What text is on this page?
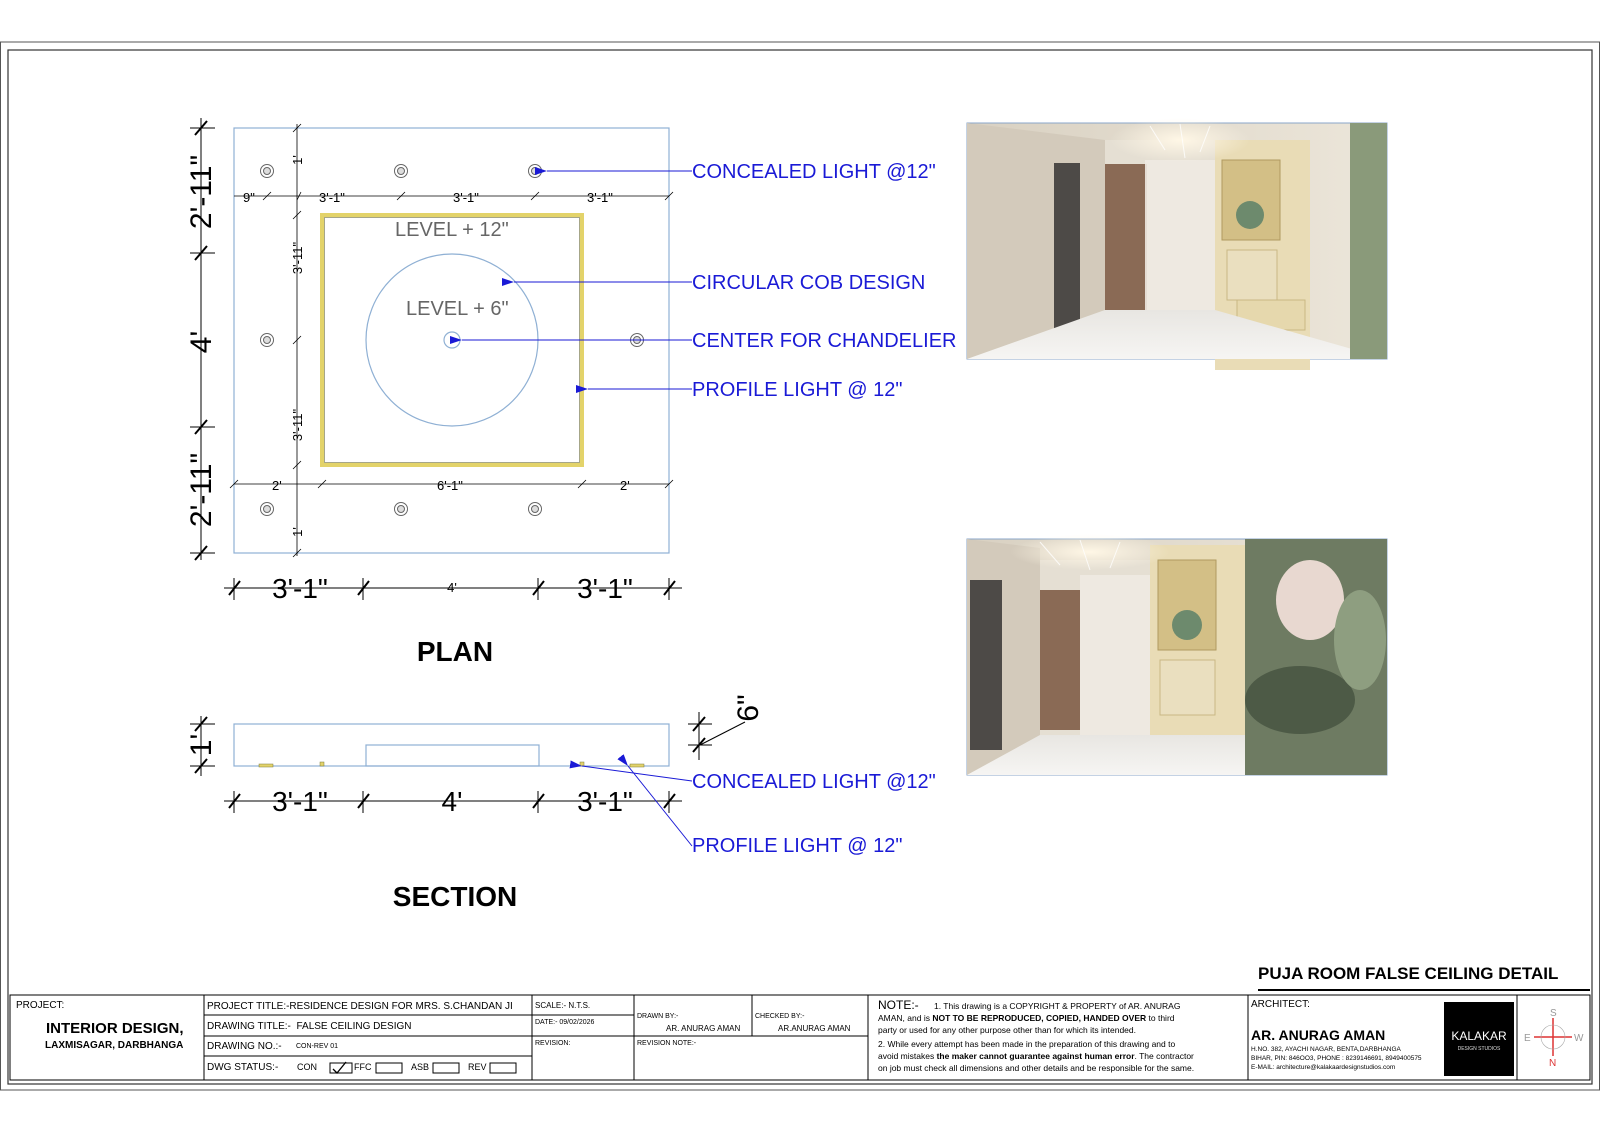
LEVEL + 12"
LEVEL + 6"
9"	3'-1"	3'-1"	3'-1"
2'	6'-1"	2'
1'
3'-11"
3'-11"
1'
2'-11"
4'
2'-11"
3'-1"	4'	3'-1"
PLAN
CONCEALED LIGHT @12"
CIRCULAR COB DESIGN
CENTER FOR CHANDELIER
PROFILE LIGHT @ 12"
1'
6"
3'-1"	4'	3'-1"
CONCEALED LIGHT @12"
PROFILE LIGHT @ 12"
SECTION
KALAKAR
DESIGN STUDIOS
S
E	W
N
PUJA ROOM FALSE CEILING DETAIL
PROJECT:
INTERIOR DESIGN,
LAXMISAGAR, DARBHANGA
PROJECT TITLE:-RESIDENCE DESIGN FOR MRS. S.CHANDAN JI
DRAWING TITLE:- FALSE CEILING DESIGN
DRAWING NO.:- CON-REV 01
DWG STATUS:- CON	FFC	ASB	REV
SCALE:- N.T.S.
DATE:- 09/02/2026
REVISION:
DRAWN BY:-
AR. ANURAG AMAN
CHECKED BY:-
AR.ANURAG AMAN
REVISION NOTE:-
NOTE:- 1. This drawing is a COPYRIGHT & PROPERTY of AR. ANURAG
AMAN, and is NOT TO BE REPRODUCED, COPIED, HANDED OVER to third
party or used for any other purpose other than for which its intended.
2. While every attempt has been made in the preparation of this drawing and to
avoid mistakes the maker cannot guarantee against human error. The contractor
on job must check all dimensions and other details and be responsible for the same.
ARCHITECT:
AR. ANURAG AMAN
H.NO. 382, AYACHI NAGAR, BENTA,DARBHANGA
BIHAR, PIN: 846OO3, PHONE : 8239146691, 8949400575
E-MAIL: architecture@kalakaardesignstudios.com
